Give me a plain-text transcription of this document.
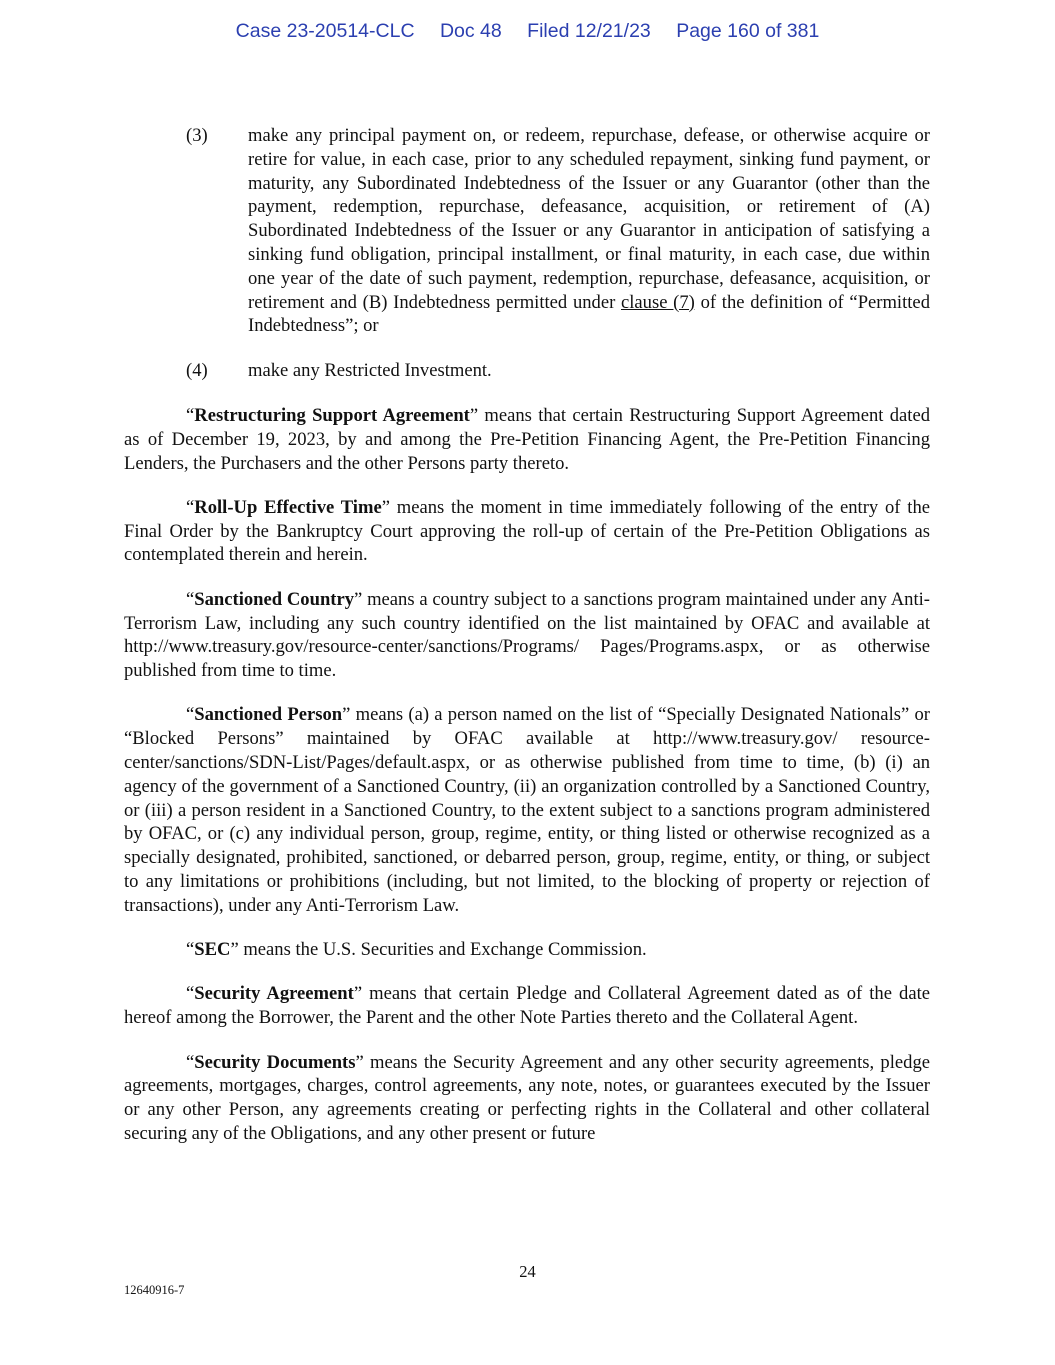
Case 23-20514-CLC Doc 48 Filed 12/21/23 Page 160 of 381
(3) make any principal payment on, or redeem, repurchase, defease, or otherwise acquire or retire for value, in each case, prior to any scheduled repayment, sinking fund payment, or maturity, any Subordinated Indebtedness of the Issuer or any Guarantor (other than the payment, redemption, repurchase, defeasance, acquisition, or retirement of (A) Subordinated Indebtedness of the Issuer or any Guarantor in anticipation of satisfying a sinking fund obligation, principal installment, or final maturity, in each case, due within one year of the date of such payment, redemption, repurchase, defeasance, acquisition, or retirement and (B) Indebtedness permitted under clause (7) of the definition of “Permitted Indebtedness”; or
(4) make any Restricted Investment.

“Restructuring Support Agreement” means that certain Restructuring Support Agreement dated as of December 19, 2023, by and among the Pre-Petition Financing Agent, the Pre-Petition Financing Lenders, the Purchasers and the other Persons party thereto.

“Roll-Up Effective Time” means the moment in time immediately following of the entry of the Final Order by the Bankruptcy Court approving the roll-up of certain of the Pre-Petition Obligations as contemplated therein and herein.

“Sanctioned Country” means a country subject to a sanctions program maintained under any Anti-Terrorism Law, including any such country identified on the list maintained by OFAC and available at http://www.treasury.gov/resource-center/sanctions/Programs/ Pages/Programs.aspx, or as otherwise published from time to time.

“Sanctioned Person” means (a) a person named on the list of “Specially Designated Nationals” or “Blocked Persons” maintained by OFAC available at http://www.treasury.gov/ resource-center/sanctions/SDN-List/Pages/default.aspx, or as otherwise published from time to time, (b) (i) an agency of the government of a Sanctioned Country, (ii) an organization controlled by a Sanctioned Country, or (iii) a person resident in a Sanctioned Country, to the extent subject to a sanctions program administered by OFAC, or (c) any individual person, group, regime, entity, or thing listed or otherwise recognized as a specially designated, prohibited, sanctioned, or debarred person, group, regime, entity, or thing, or subject to any limitations or prohibitions (including, but not limited, to the blocking of property or rejection of transactions), under any Anti-Terrorism Law.

“SEC” means the U.S. Securities and Exchange Commission.

“Security Agreement” means that certain Pledge and Collateral Agreement dated as of the date hereof among the Borrower, the Parent and the other Note Parties thereto and the Collateral Agent.

“Security Documents” means the Security Agreement and any other security agreements, pledge agreements, mortgages, charges, control agreements, any note, notes, or guarantees executed by the Issuer or any other Person, any agreements creating or perfecting rights in the Collateral and other collateral securing any of the Obligations, and any other present or future

24
12640916-7
